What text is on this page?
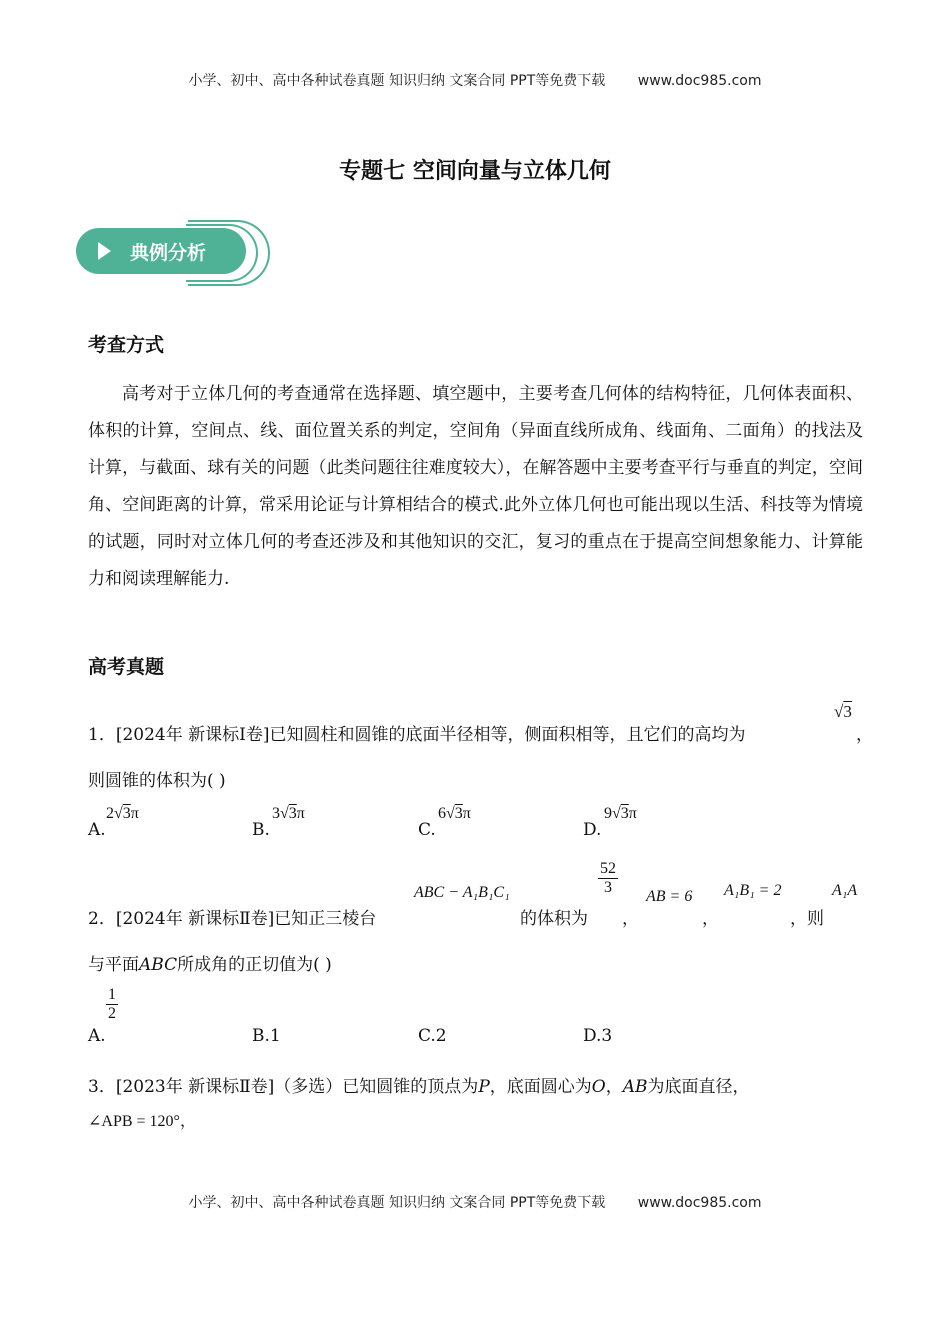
小学、初中、高中各种试卷真题 知识归纳 文案合同 PPT等免费下载 www.doc985.com
专题七 空间向量与立体几何
典例分析
考查方式
高考对于立体几何的考查通常在选择题、填空题中，主要考查几何体的结构特征，几何体表面积、体积的计算，空间点、线、面位置关系的判定，空间角（异面直线所成角、线面角、二面角）的找法及计算，与截面、球有关的问题（此类问题往往难度较大），在解答题中主要考查平行与垂直的判定，空间角、空间距离的计算，常采用论证与计算相结合的模式.此外立体几何也可能出现以生活、科技等为情境的试题，同时对立体几何的考查还涉及和其他知识的交汇，复习的重点在于提高空间想象能力、计算能力和阅读理解能力.
高考真题
1．[2024年 新课标Ⅰ卷]已知圆柱和圆锥的底面半径相等，侧面积相等，且它们的高均为
√3
，
则圆锥的体积为( )
A.
2√3π
B.
3√3π
C.
6√3π
D.
9√3π
2．[2024年 新课标Ⅱ卷]已知正三棱台
ABC − A₁B₁C₁
的体积为
$\frac{52}{3}$
，
AB = 6
，
A₁B₁ = 2
，则
A₁A
与平面ABC所成角的正切值为( )
A.
$\frac{1}{2}$
B.1	C.2	D.3
3．[2023年 新课标Ⅱ卷]（多选）已知圆锥的顶点为P，底面圆心为O，AB为底面直径，
∠APB = 120°，
小学、初中、高中各种试卷真题 知识归纳 文案合同 PPT等免费下载 www.doc985.com
